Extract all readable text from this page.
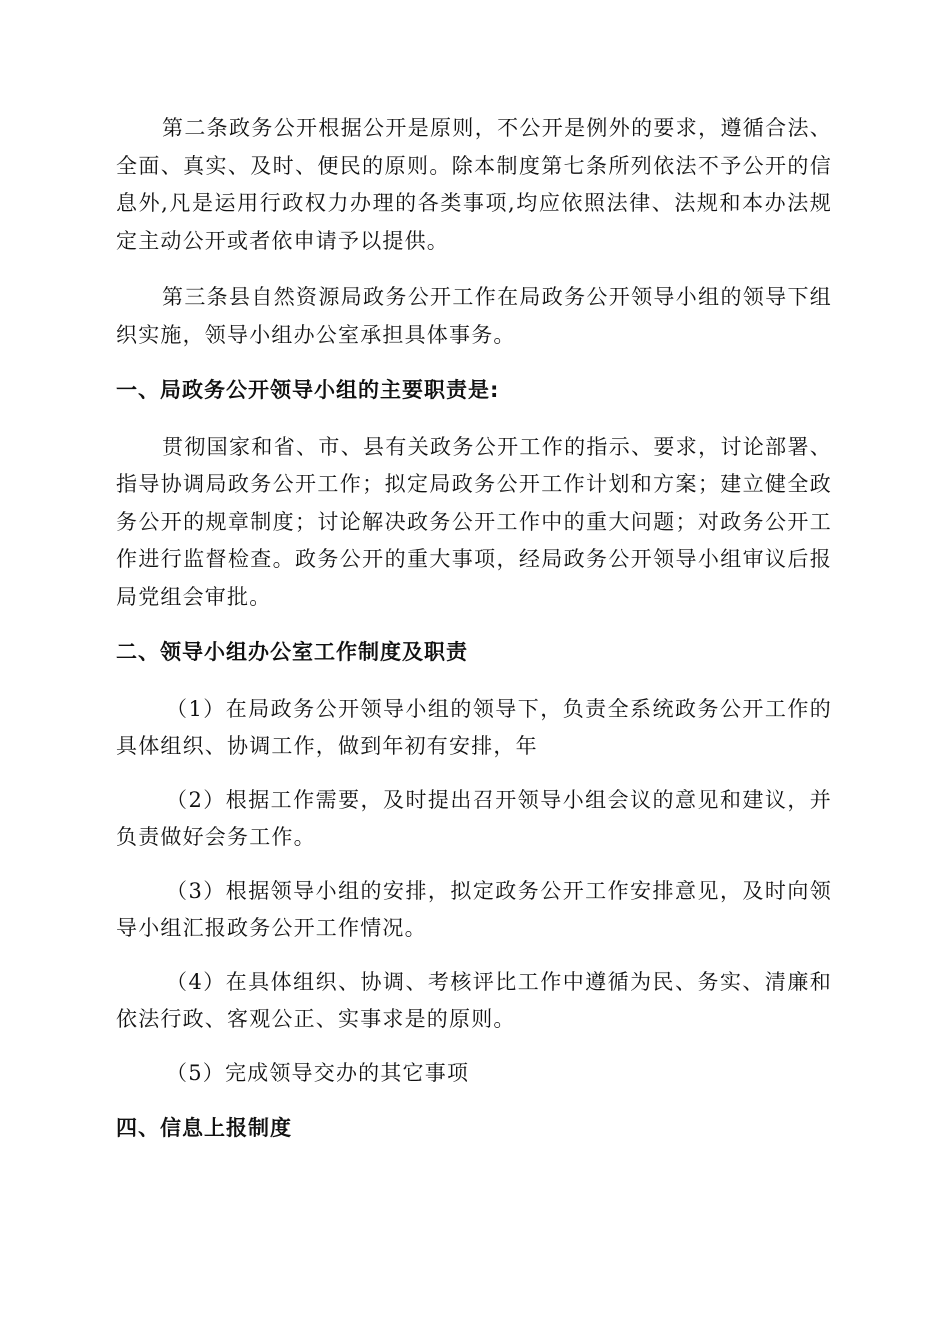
第二条政务公开根据公开是原则，不公开是例外的要求，遵循合法、全面、真实、及时、便民的原则。除本制度第七条所列依法不予公开的信息外,凡是运用行政权力办理的各类事项,均应依照法律、法规和本办法规定主动公开或者依申请予以提供。

第三条县自然资源局政务公开工作在局政务公开领导小组的领导下组织实施，领导小组办公室承担具体事务。

一、局政务公开领导小组的主要职责是:

贯彻国家和省、市、县有关政务公开工作的指示、要求，讨论部署、指导协调局政务公开工作；拟定局政务公开工作计划和方案；建立健全政务公开的规章制度；讨论解决政务公开工作中的重大问题；对政务公开工作进行监督检查。政务公开的重大事项，经局政务公开领导小组审议后报局党组会审批。

二、领导小组办公室工作制度及职责

（1）在局政务公开领导小组的领导下，负责全系统政务公开工作的具体组织、协调工作，做到年初有安排，年

（2）根据工作需要，及时提出召开领导小组会议的意见和建议，并负责做好会务工作。

（3）根据领导小组的安排，拟定政务公开工作安排意见，及时向领导小组汇报政务公开工作情况。

（4）在具体组织、协调、考核评比工作中遵循为民、务实、清廉和依法行政、客观公正、实事求是的原则。

（5）完成领导交办的其它事项

四、信息上报制度
